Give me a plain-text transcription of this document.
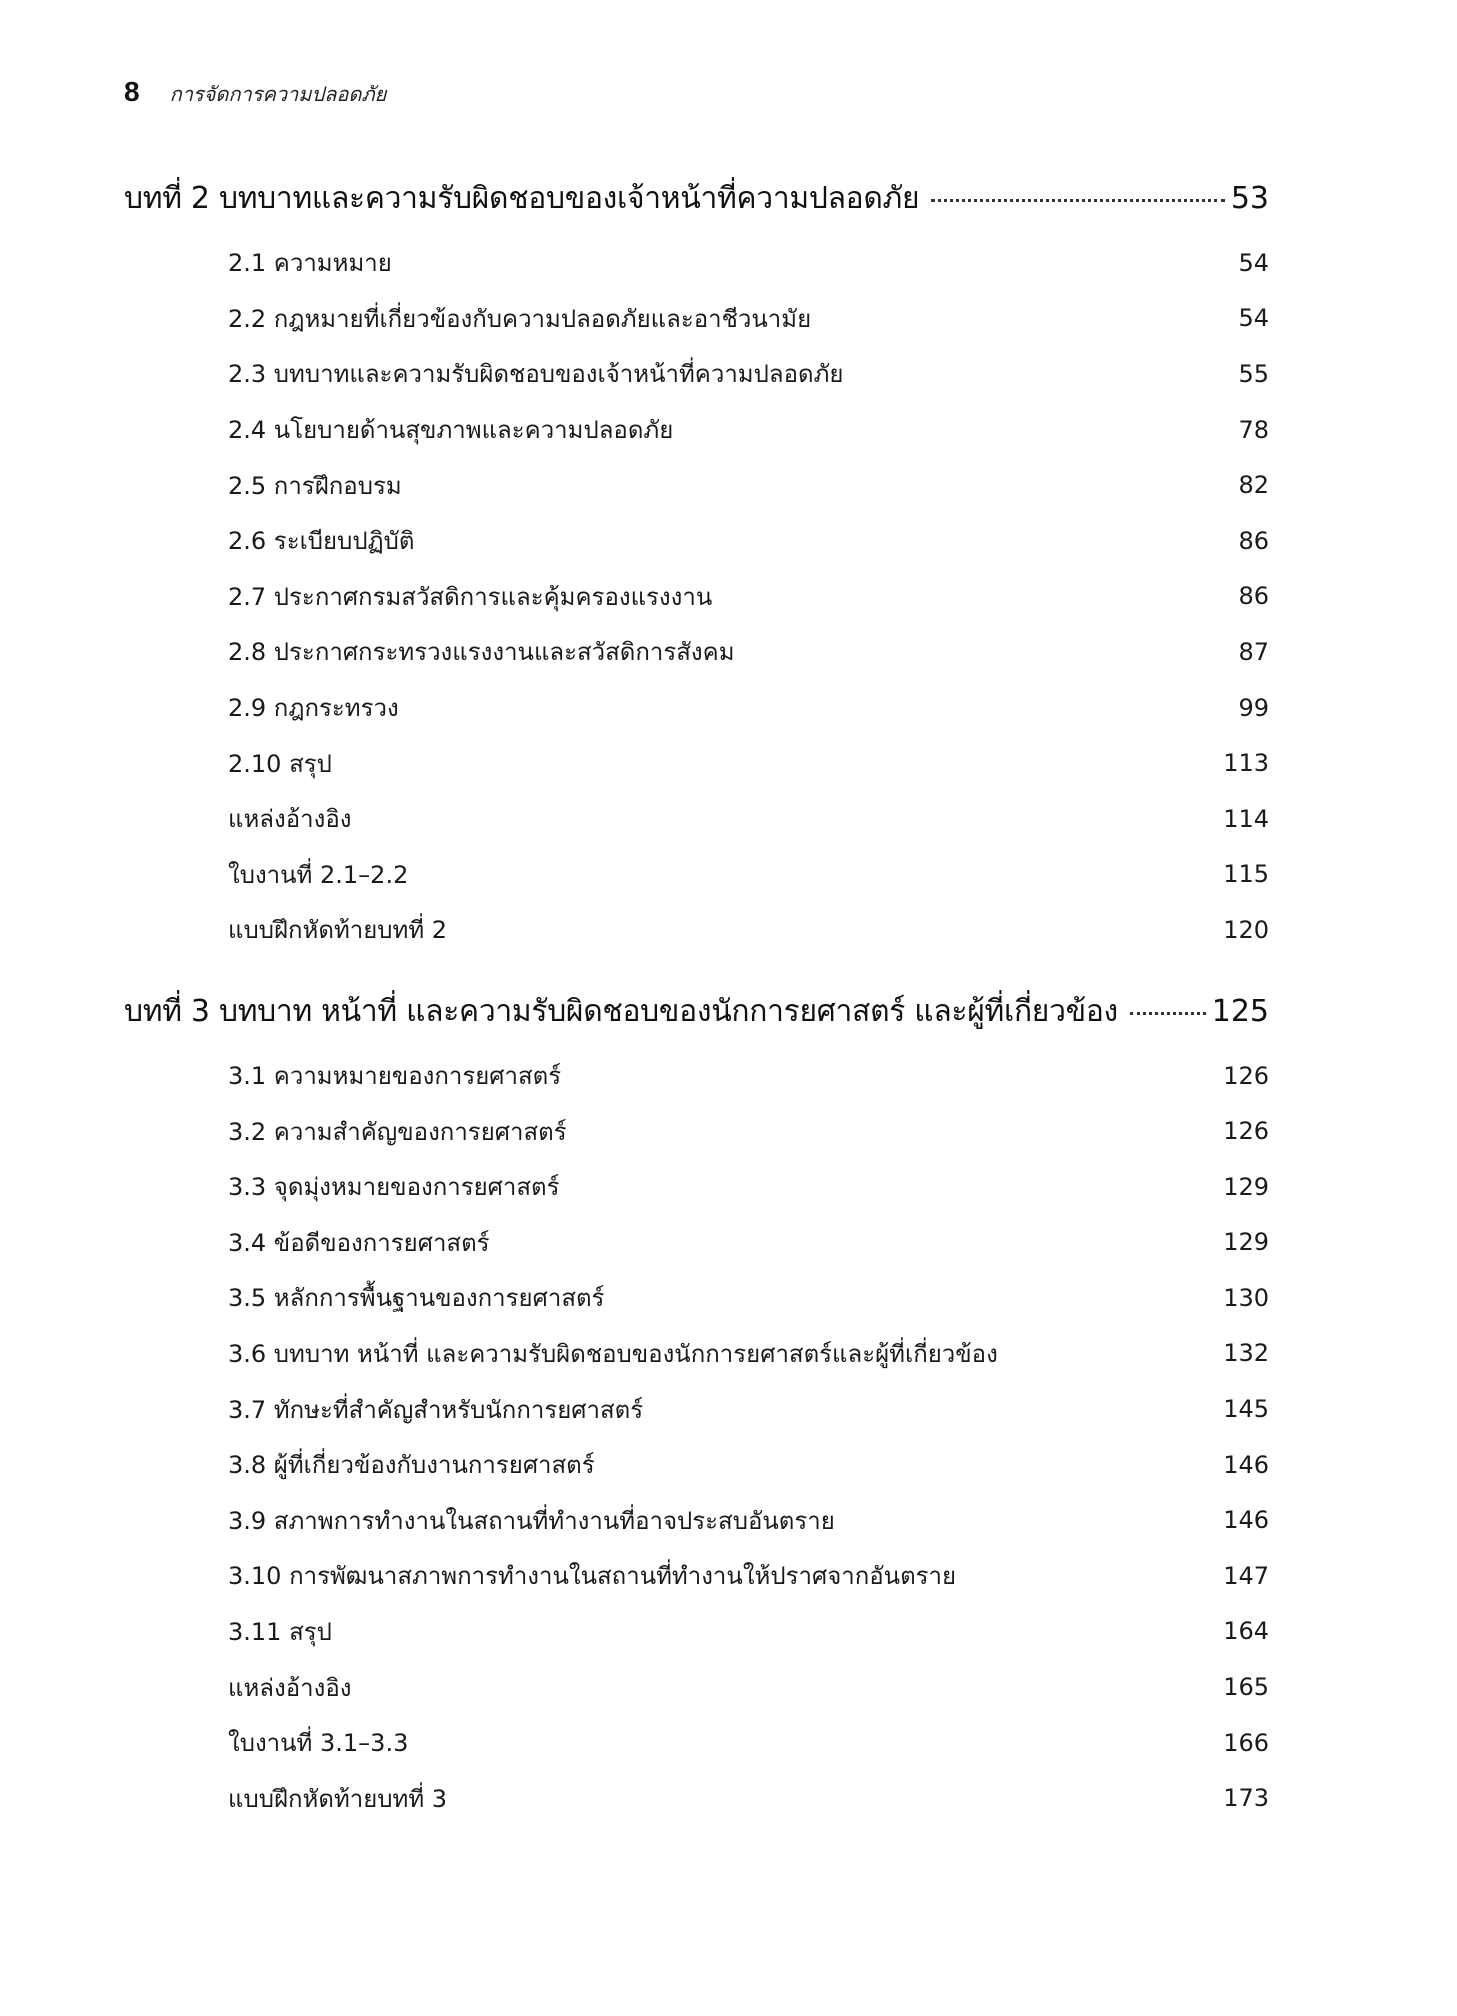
8 การจัดการความปลอดภัย
บทที่ 2 บทบาทและความรับผิดชอบของเจ้าหน้าที่ความปลอดภัย	53
2.1 ความหมาย	54
2.2 กฎหมายที่เกี่ยวข้องกับความปลอดภัยและอาชีวนามัย	54
2.3 บทบาทและความรับผิดชอบของเจ้าหน้าที่ความปลอดภัย	55
2.4 นโยบายด้านสุขภาพและความปลอดภัย	78
2.5 การฝึกอบรม	82
2.6 ระเบียบปฏิบัติ	86
2.7 ประกาศกรมสวัสดิการและคุ้มครองแรงงาน	86
2.8 ประกาศกระทรวงแรงงานและสวัสดิการสังคม	87
2.9 กฎกระทรวง	99
2.10 สรุป	113
แหล่งอ้างอิง	114
ใบงานที่ 2.1–2.2	115
แบบฝึกหัดท้ายบทที่ 2	120
บทที่ 3 บทบาท หน้าที่ และความรับผิดชอบของนักการยศาสตร์ และผู้ที่เกี่ยวข้อง	125
3.1 ความหมายของการยศาสตร์	126
3.2 ความสำคัญของการยศาสตร์	126
3.3 จุดมุ่งหมายของการยศาสตร์	129
3.4 ข้อดีของการยศาสตร์	129
3.5 หลักการพื้นฐานของการยศาสตร์	130
3.6 บทบาท หน้าที่ และความรับผิดชอบของนักการยศาสตร์และผู้ที่เกี่ยวข้อง	132
3.7 ทักษะที่สำคัญสำหรับนักการยศาสตร์	145
3.8 ผู้ที่เกี่ยวข้องกับงานการยศาสตร์	146
3.9 สภาพการทำงานในสถานที่ทำงานที่อาจประสบอันตราย	146
3.10 การพัฒนาสภาพการทำงานในสถานที่ทำงานให้ปราศจากอันตราย	147
3.11 สรุป	164
แหล่งอ้างอิง	165
ใบงานที่ 3.1–3.3	166
แบบฝึกหัดท้ายบทที่ 3	173
